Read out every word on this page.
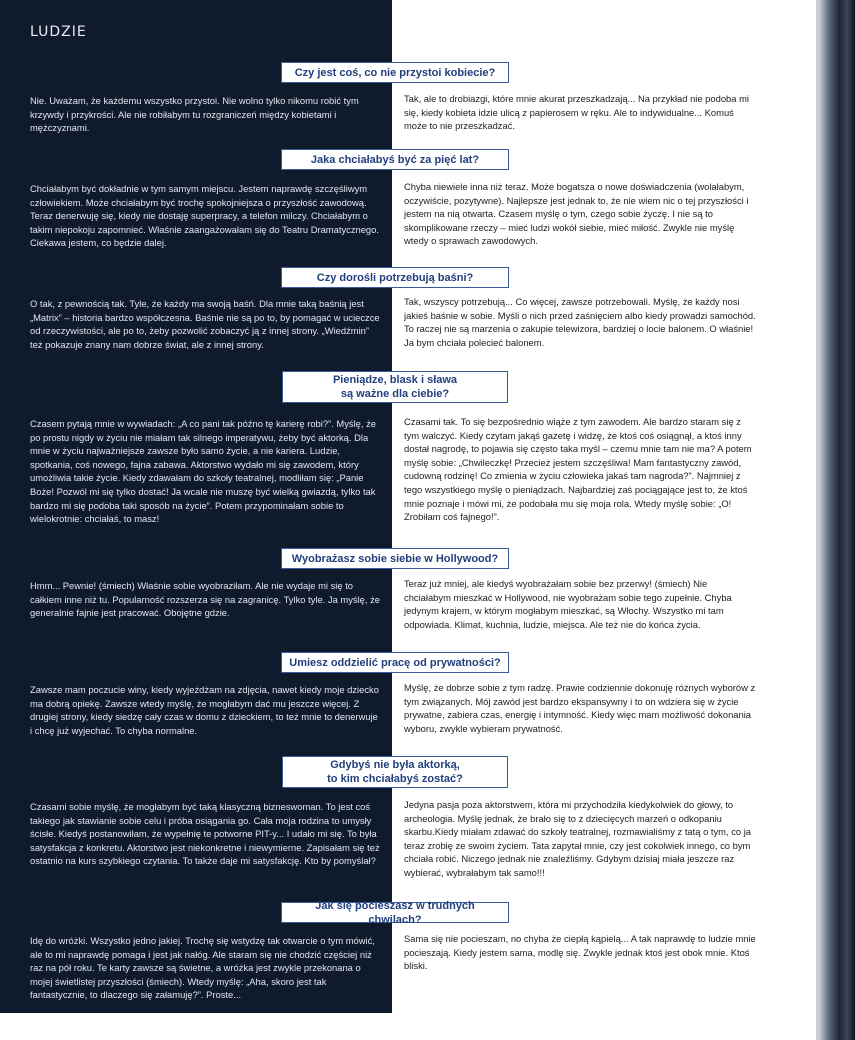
LUDZIE
Czy jest coś, co nie przystoi kobiecie?

Nie. Uważam, że każdemu wszystko przystoi. Nie wolno tylko nikomu robić tym krzywdy i przykrości. Ale nie robiłabym tu rozgraniczeń między kobietami i mężczyznami.

Tak, ale to drobiazgi, które mnie akurat przeszkadzają... Na przykład nie podoba mi się, kiedy kobieta idzie ulicą z papierosem w ręku. Ale to indywidualne... Komuś może to nie przeszkadzać.

Jaka chciałabyś być za pięć lat?

Chciałabym być dokładnie w tym samym miejscu. Jestem naprawdę szczęśliwym człowiekiem. Może chciałabym być trochę spokojniejsza o przyszłość zawodową. Teraz denerwuję się, kiedy nie dostaję superpracy, a telefon milczy. Chciałabym o takim niepokoju zapomnieć. Właśnie zaangażowałam się do Teatru Dramatycznego. Ciekawa jestem, co będzie dalej.

Chyba niewiele inna niż teraz. Może bogatsza o nowe doświadczenia (wolałabym, oczywiście, pozytywne). Najlepsze jest jednak to, że nie wiem nic o tej przyszłości i jestem na nią otwarta. Czasem myślę o tym, czego sobie życzę. I nie są to skomplikowane rzeczy – mieć ludzi wokół siebie, mieć miłość. Zwykle nie myślę wtedy o sprawach zawodowych.

Czy dorośli potrzebują baśni?

O tak, z pewnością tak. Tyle, że każdy ma swoją baśń. Dla mnie taką baśnią jest „Matrix” – historia bardzo współczesna. Baśnie nie są po to, by pomagać w ucieczce od rzeczywistości, ale po to, żeby pozwolić zobaczyć ją z innej strony. „Wiedźmin” też pokazuje znany nam dobrze świat, ale z innej strony.

Tak, wszyscy potrzebują... Co więcej, zawsze potrzebowali. Myślę, że każdy nosi jakieś baśnie w sobie. Myśli o nich przed zaśnięciem albo kiedy prowadzi samochód. To raczej nie są marzenia o zakupie telewizora, bardziej o locie balonem. O właśnie! Ja bym chciała polecieć balonem.

Pieniądze, blask i sława
są ważne dla ciebie?

Czasem pytają mnie w wywiadach: „A co pani tak późno tę karierę robi?”. Myślę, że po prostu nigdy w życiu nie miałam tak silnego imperatywu, żeby być aktorką. Dla mnie w życiu najważniejsze zawsze było samo życie, a nie kariera. Ludzie, spotkania, coś nowego, fajna zabawa. Aktorstwo wydało mi się zawodem, który umożliwia takie życie. Kiedy zdawałam do szkoły teatralnej, modliłam się: „Panie Boże! Pozwól mi się tylko dostać! Ja wcale nie muszę być wielką gwiazdą, tylko tak bardzo mi się podoba taki sposób na życie”. Potem przypominałam sobie to wielokrotnie: chciałaś, to masz!

Czasami tak. To się bezpośrednio wiąże z tym zawodem. Ale bardzo staram się z tym walczyć. Kiedy czytam jakąś gazetę i widzę, że ktoś coś osiągnął, a ktoś inny dostał nagrodę, to pojawia się często taka myśl – czemu mnie tam nie ma? A potem myślę sobie: „Chwileczkę! Przecież jestem szczęśliwa! Mam fantastyczny zawód, cudowną rodzinę! Co zmienia w życiu człowieka jakaś tam nagroda?”. Najmniej z tego wszystkiego myślę o pieniądzach. Najbardziej zaś pociągające jest to, że ktoś mnie poznaje i mówi mi, że podobała mu się moja rola. Wtedy myślę sobie: „O! Zrobiłam coś fajnego!”.

Wyobrażasz sobie siebie w Hollywood?

Hmm... Pewnie! (śmiech) Właśnie sobie wyobraziłam. Ale nie wydaje mi się to całkiem inne niż tu. Popularność rozszerza się na zagranicę. Tylko tyle. Ja myślę, że generalnie fajnie jest pracować. Obojętne gdzie.

Teraz już mniej, ale kiedyś wyobrażałam sobie bez przerwy! (śmiech) Nie chciałabym mieszkać w Hollywood, nie wyobrażam sobie tego zupełnie. Chyba jedynym krajem, w którym mogłabym mieszkać, są Włochy. Wszystko mi tam odpowiada. Klimat, kuchnia, ludzie, miejsca. Ale też nie do końca życia.

Umiesz oddzielić pracę od prywatności?

Zawsze mam poczucie winy, kiedy wyjeżdżam na zdjęcia, nawet kiedy moje dziecko ma dobrą opiekę. Zawsze wtedy myślę, że mogłabym dać mu jeszcze więcej. Z drugiej strony, kiedy siedzę cały czas w domu z dzieckiem, to też mnie to denerwuje i chcę już wyjechać. To chyba normalne.

Myślę, że dobrze sobie z tym radzę. Prawie codziennie dokonuję różnych wyborów z tym związanych. Mój zawód jest bardzo ekspansywny i to on wdziera się w życie prywatne, zabiera czas, energię i intymność. Kiedy więc mam możliwość dokonania wyboru, zwykle wybieram prywatność.

Gdybyś nie była aktorką,
to kim chciałabyś zostać?

Czasami sobie myślę, że mogłabym być taką klasyczną bizneswoman. To jest coś takiego jak stawianie sobie celu i próba osiągania go. Cała moja rodzina to umysły ścisłe. Kiedyś postanowiłam, że wypełnię te potworne PIT-y... I udało mi się. To była satysfakcja z konkretu. Aktorstwo jest niekonkretne i niewymierne. Zapisałam się też ostatnio na kurs szybkiego czytania. To także daje mi satysfakcję. Kto by pomyślał?

Jedyna pasja poza aktorstwem, która mi przychodziła kiedykolwiek do głowy, to archeologia. Myślę jednak, że brało się to z dziecięcych marzeń o odkopaniu skarbu.Kiedy miałam zdawać do szkoły teatralnej, rozmawialiśmy z tatą o tym, co ja teraz zrobię ze swoim życiem. Tata zapytał mnie, czy jest cokolwiek innego, co bym chciała robić. Niczego jednak nie znaleźliśmy. Gdybym dzisiaj miała jeszcze raz wybierać, wybrałabym tak samo!!!

Jak się pocieszasz w trudnych chwilach?

Idę do wróżki. Wszystko jedno jakiej. Trochę się wstydzę tak otwarcie o tym mówić, ale to mi naprawdę pomaga i jest jak nałóg. Ale staram się nie chodzić częściej niż raz na pół roku. Te karty zawsze są świetne, a wróżka jest zwykle przekonana o mojej świetlistej przyszłości (śmiech). Wtedy myślę: „Aha, skoro jest tak fantastycznie, to dlaczego się załamuję?”. Proste...

Sama się nie pocieszam, no chyba że ciepłą kąpielą... A tak naprawdę to ludzie mnie pocieszają. Kiedy jestem sama, modlę się. Zwykle jednak ktoś jest obok mnie. Ktoś bliski.
